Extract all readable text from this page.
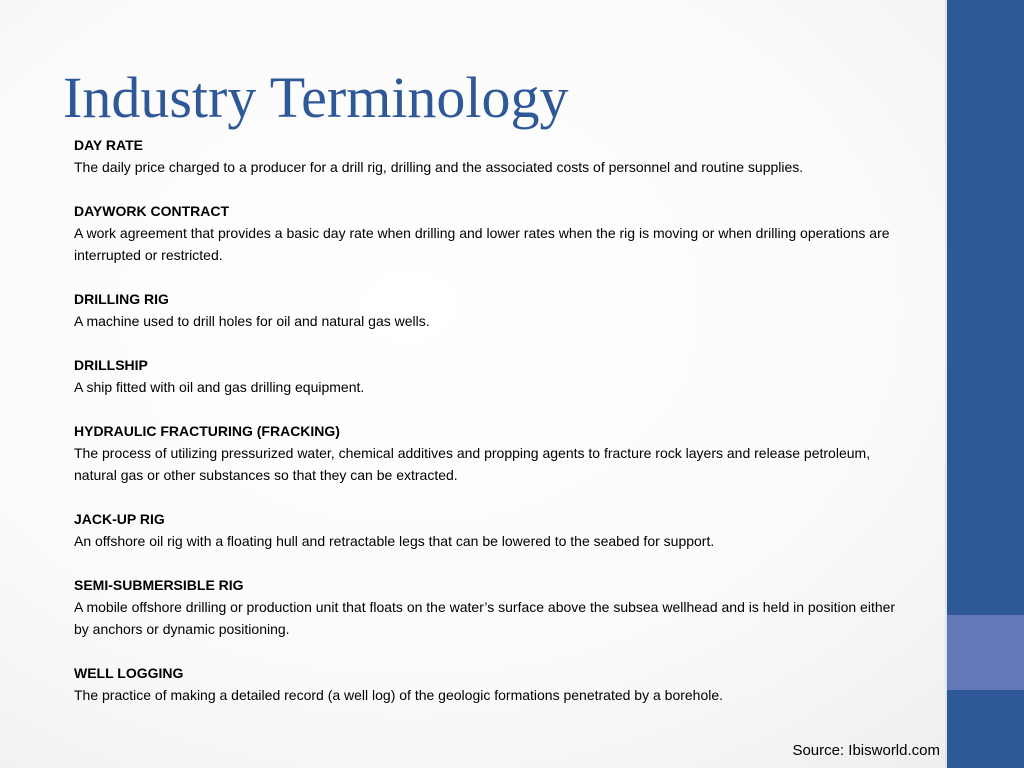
Industry Terminology
DAY RATE
The daily price charged to a producer for a drill rig, drilling and the associated costs of personnel and routine supplies.
DAYWORK CONTRACT
A work agreement that provides a basic day rate when drilling and lower rates when the rig is moving or when drilling operations are interrupted or restricted.
DRILLING RIG
A machine used to drill holes for oil and natural gas wells.
DRILLSHIP
A ship fitted with oil and gas drilling equipment.
HYDRAULIC FRACTURING (FRACKING)
The process of utilizing pressurized water, chemical additives and propping agents to fracture rock layers and release petroleum, natural gas or other substances so that they can be extracted.
JACK-UP RIG
An offshore oil rig with a floating hull and retractable legs that can be lowered to the seabed for support.
SEMI-SUBMERSIBLE RIG
A mobile offshore drilling or production unit that floats on the water’s surface above the subsea wellhead and is held in position either by anchors or dynamic positioning.
WELL LOGGING
The practice of making a detailed record (a well log) of the geologic formations penetrated by a borehole.
Source: Ibisworld.com
